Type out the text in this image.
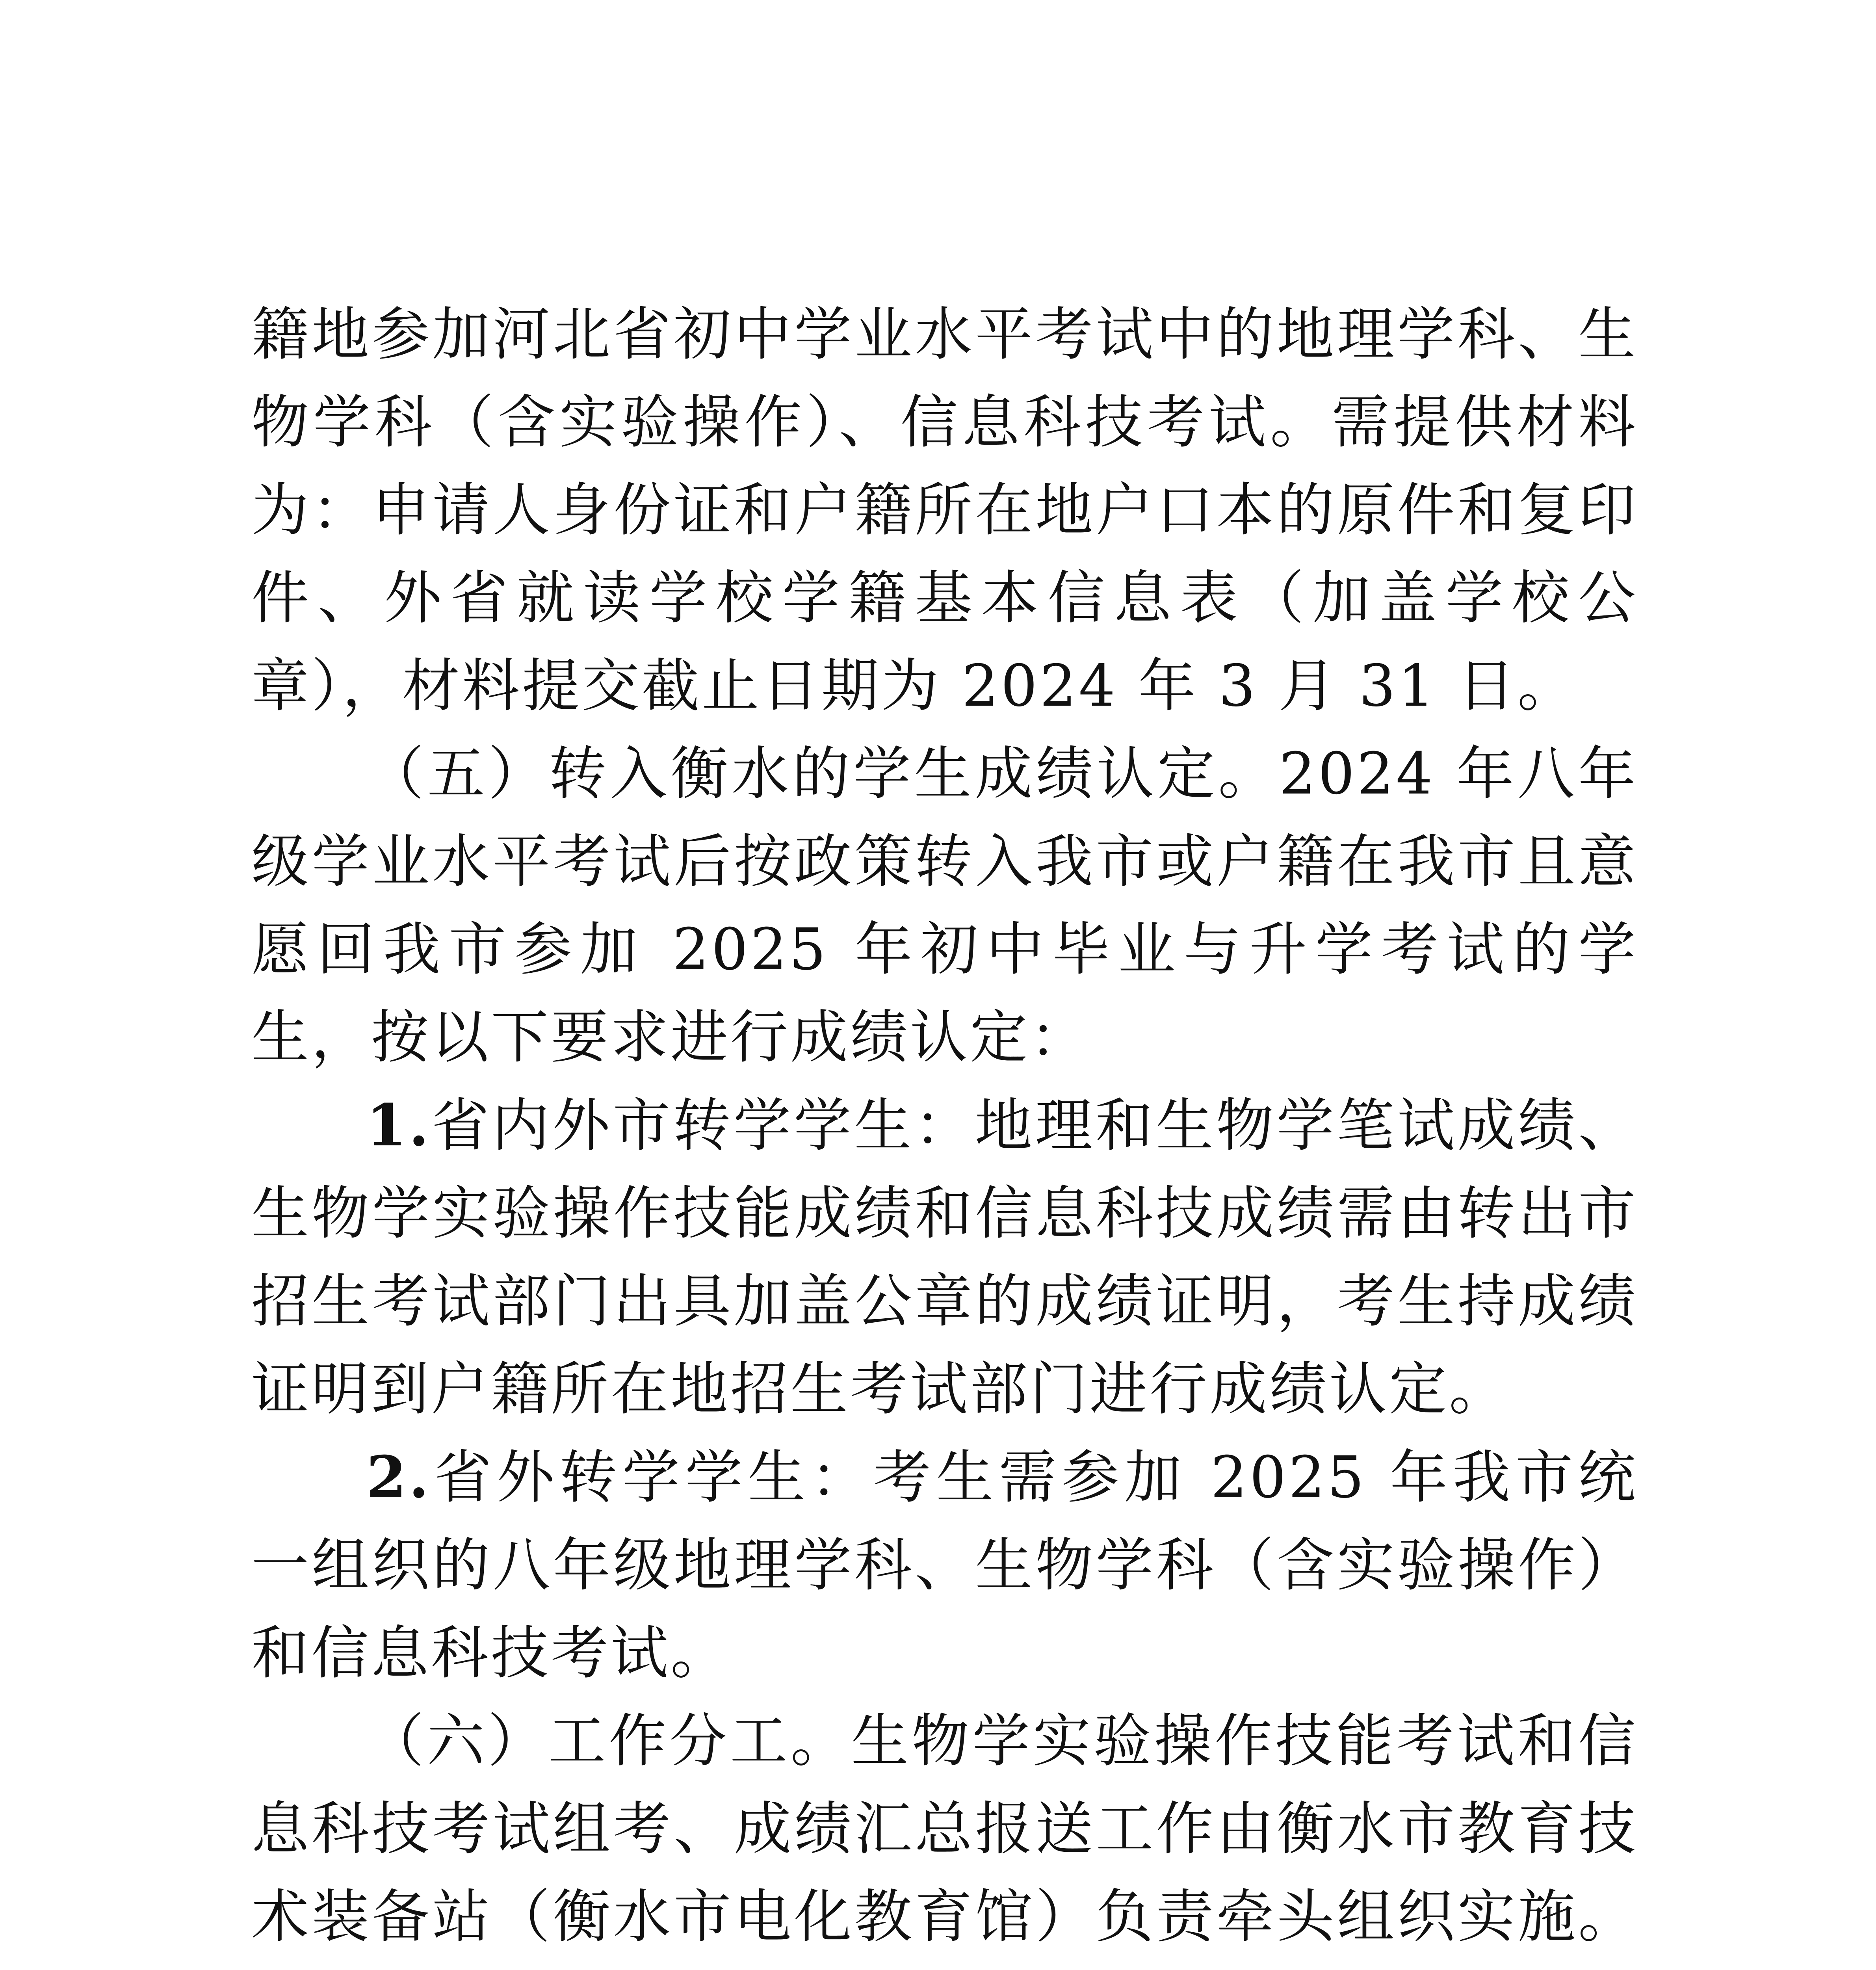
籍地参加河北省初中学业水平考试中的地理学科、生物学科（含实验操作）、信息科技考试。需提供材料为：申请人身份证和户籍所在地户口本的原件和复印件、外省就读学校学籍基本信息表（加盖学校公章），材料提交截止日期为 2024 年 3 月 31 日。

（五）转入衡水的学生成绩认定。2024 年八年级学业水平考试后按政策转入我市或户籍在我市且意愿回我市参加 2025 年初中毕业与升学考试的学生，按以下要求进行成绩认定：

1.省内外市转学学生：地理和生物学笔试成绩、生物学实验操作技能成绩和信息科技成绩需由转出市招生考试部门出具加盖公章的成绩证明，考生持成绩证明到户籍所在地招生考试部门进行成绩认定。

2.省外转学学生：考生需参加 2025 年我市统一组织的八年级地理学科、生物学科（含实验操作）和信息科技考试。

（六）工作分工。生物学实验操作技能考试和信息科技考试组考、成绩汇总报送工作由衡水市教育技术装备站（衡水市电化教育馆）负责牵头组织实施。
